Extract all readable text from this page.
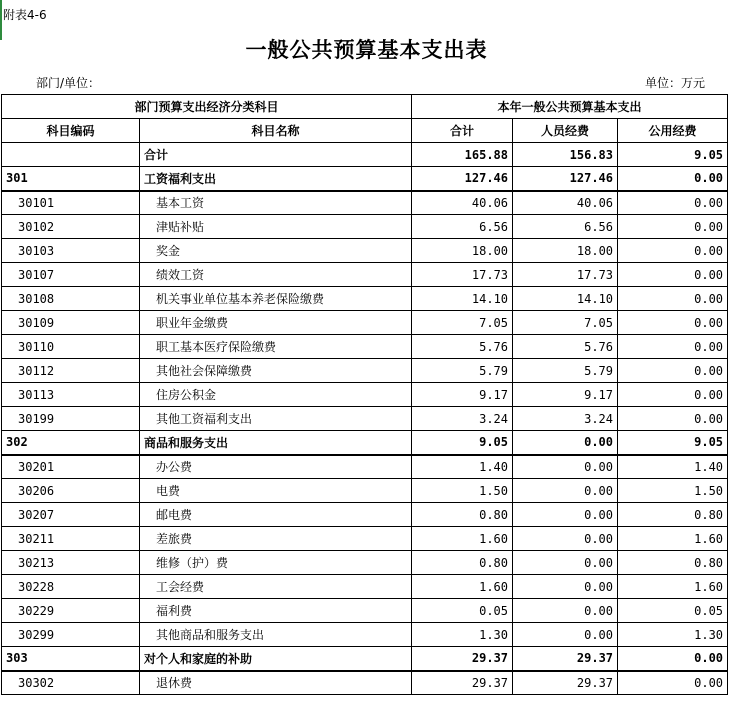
附表4-6
一般公共预算基本支出表
部门/单位：	单位：万元
部门预算支出经济分类科目		本年一般公共预算基本支出		
科目编码	科目名称	合计	人员经费	公用经费
	合计	165.88	156.83	9.05
301	工资福利支出	127.46	127.46	0.00
30101	基本工资	40.06	40.06	0.00
30102	津贴补贴	6.56	6.56	0.00
30103	奖金	18.00	18.00	0.00
30107	绩效工资	17.73	17.73	0.00
30108	机关事业单位基本养老保险缴费	14.10	14.10	0.00
30109	职业年金缴费	7.05	7.05	0.00
30110	职工基本医疗保险缴费	5.76	5.76	0.00
30112	其他社会保障缴费	5.79	5.79	0.00
30113	住房公积金	9.17	9.17	0.00
30199	其他工资福利支出	3.24	3.24	0.00
302	商品和服务支出	9.05	0.00	9.05
30201	办公费	1.40	0.00	1.40
30206	电费	1.50	0.00	1.50
30207	邮电费	0.80	0.00	0.80
30211	差旅费	1.60	0.00	1.60
30213	维修（护）费	0.80	0.00	0.80
30228	工会经费	1.60	0.00	1.60
30229	福利费	0.05	0.00	0.05
30299	其他商品和服务支出	1.30	0.00	1.30
303	对个人和家庭的补助	29.37	29.37	0.00
30302	退休费	29.37	29.37	0.00
